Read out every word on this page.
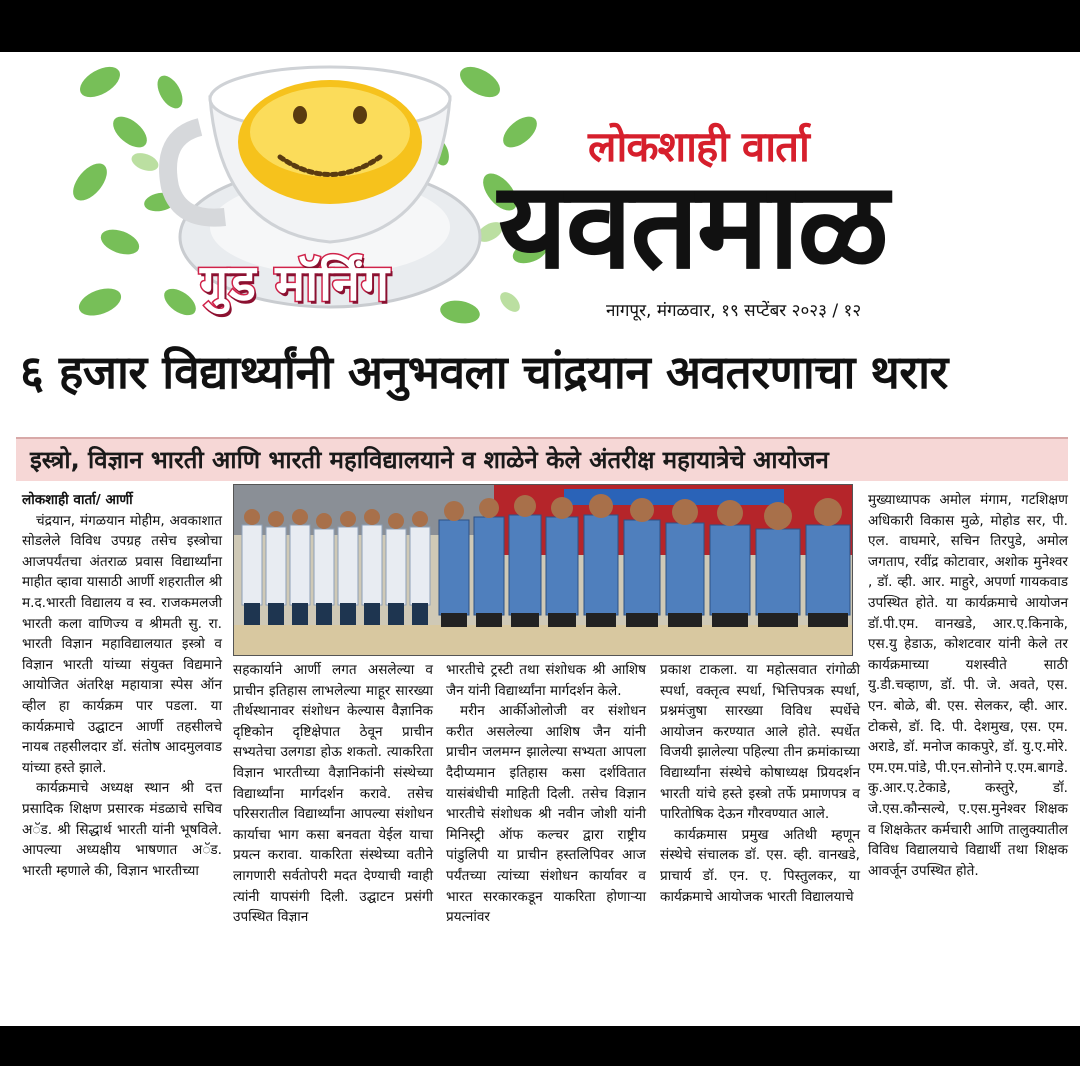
गुड मॉर्निंग
लोकशाही वार्ता
यवतमाळ
नागपूर, मंगळवार, १९ सप्टेंबर २०२३ / १२
६ हजार विद्यार्थ्यांनी अनुभवला चांद्रयान अवतरणाचा थरार
इस्त्रो, विज्ञान भारती आणि भारती महाविद्यालयाने व शाळेने केले अंतरीक्ष महायात्रेचे आयोजन

लोकशाही वार्ता/ आर्णी

चंद्रयान, मंगळयान मोहीम, अवकाशात सोडलेले विविध उपग्रह तसेच इस्त्रोचा आजपर्यंतचा अंतराळ प्रवास विद्यार्थ्यांना माहीत व्हावा यासाठी आर्णी शहरातील श्री म.द.भारती विद्यालय व स्व. राजकमलजी भारती कला वाणिज्य व श्रीमती सु. रा. भारती विज्ञान महाविद्यालयात इस्त्रो व विज्ञान भारती यांच्या संयुक्त विद्यमाने आयोजित अंतरिक्ष महायात्रा स्पेस ऑन व्हील हा कार्यक्रम पार पडला. या कार्यक्रमाचे उद्घाटन आर्णी तहसीलचे नायब तहसीलदार डॉ. संतोष आदमुलवाड यांच्या हस्ते झाले.

कार्यक्रमाचे अध्यक्ष स्थान श्री दत्त प्रसादिक शिक्षण प्रसारक मंडळाचे सचिव अॅड. श्री सिद्धार्थ भारती यांनी भूषविले. आपल्या अध्यक्षीय भाषणात अॅड. भारती म्हणाले की, विज्ञान भारतीच्या

सहकार्याने आर्णी लगत असलेल्या व प्राचीन इतिहास लाभलेल्या माहूर सारख्या तीर्थस्थानावर संशोधन केल्यास वैज्ञानिक दृष्टिकोन दृष्टिक्षेपात ठेवून प्राचीन सभ्यतेचा उलगडा होऊ शकतो. त्याकरिता विज्ञान भारतीच्या वैज्ञानिकांनी संस्थेच्या विद्यार्थ्यांना मार्गदर्शन करावे. तसेच परिसरातील विद्यार्थ्यांना आपल्या संशोधन कार्याचा भाग कसा बनवता येईल याचा प्रयत्न करावा. याकरिता संस्थेच्या वतीने लागणारी सर्वतोपरी मदत देण्याची ग्वाही त्यांनी यापसंगी दिली. उद्घाटन प्रसंगी उपस्थित विज्ञान

भारतीचे ट्रस्टी तथा संशोधक श्री आशिष जैन यांनी विद्यार्थ्यांना मार्गदर्शन केले.

मरीन आर्कीओलोजी वर संशोधन करीत असलेल्या आशिष जैन यांनी प्राचीन जलमग्न झालेल्या सभ्यता आपला दैदीप्यमान इतिहास कसा दर्शवितात यासंबंधीची माहिती दिली. तसेच विज्ञान भारतीचे संशोधक श्री नवीन जोशी यांनी मिनिस्ट्री ऑफ कल्चर द्वारा राष्ट्रीय पांडुलिपी या प्राचीन हस्तलिपिवर आज पर्यंतच्या त्यांच्या संशोधन कार्यावर व भारत सरकारकडून याकरिता होणाऱ्या प्रयत्नांवर

प्रकाश टाकला. या महोत्सवात रांगोळी स्पर्धा, वक्तृत्व स्पर्धा, भित्तिपत्रक स्पर्धा, प्रश्नमंजुषा सारख्या विविध स्पर्धेचे आयोजन करण्यात आले होते. स्पर्धेत विजयी झालेल्या पहिल्या तीन क्रमांकाच्या विद्यार्थ्यांना संस्थेचे कोषाध्यक्ष प्रियदर्शन भारती यांचे हस्ते इस्त्रो तर्फे प्रमाणपत्र व पारितोषिक देऊन गौरवण्यात आले.

कार्यक्रमास प्रमुख अतिथी म्हणून संस्थेचे संचालक डॉ. एस. व्ही. वानखडे, प्राचार्य डॉ. एन. ए. पिस्तुलकर, या कार्यक्रमाचे आयोजक भारती विद्यालयाचे

मुख्याध्यापक अमोल मंगाम, गटशिक्षण अधिकारी विकास मुळे, मोहोड सर, पी. एल. वाघमारे, सचिन तिरपुडे, अमोल जगताप, रवींद्र कोटावार, अशोक मुनेश्वर , डॉ. व्ही. आर. माहुरे, अपर्णा गायकवाड उपस्थित होते. या कार्यक्रमाचे आयोजन डॉ.पी.एम. वानखडे, आर.ए.किनाके, एस.यु हेडाऊ, कोशटवार यांनी केले तर कार्यक्रमाच्या यशस्वीते साठी यु.डी.चव्हाण, डॉ. पी. जे. अवते, एस. एन. बोळे, बी. एस. सेलकर, व्ही. आर. टोकसे, डॉ. दि. पी. देशमुख, एस. एम. अराडे, डॉ. मनोज काकपुरे, डॉ. यु.ए.मोरे. एम.एम.पांडे, पी.एन.सोनोने ए.एम.बागडे. कु.आर.ए.टेकाडे, कस्तुरे, डॉ. जे.एस.कौन्सल्ये, ए.एस.मुनेश्वर शिक्षक व शिक्षकेतर कर्मचारी आणि तालुक्यातील विविध विद्यालयाचे विद्यार्थी तथा शिक्षक आवर्जून उपस्थित होते.
